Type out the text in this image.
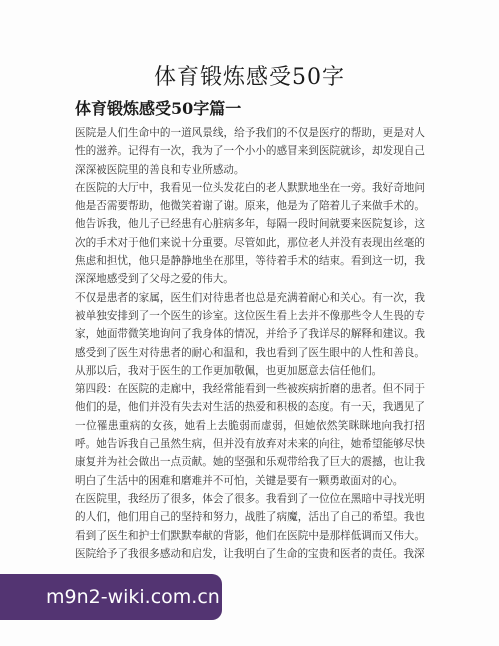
体育锻炼感受50字
体育锻炼感受50字篇一

医院是人们生命中的一道风景线，给予我们的不仅是医疗的帮助，更是对人性的滋养。记得有一次，我为了一个小小的感冒来到医院就诊，却发现自己深深被医院里的善良和专业所感动。

在医院的大厅中，我看见一位头发花白的老人默默地坐在一旁。我好奇地问他是否需要帮助，他微笑着谢了谢。原来，他是为了陪着儿子来做手术的。他告诉我，他儿子已经患有心脏病多年，每隔一段时间就要来医院复诊，这次的手术对于他们来说十分重要。尽管如此，那位老人并没有表现出丝毫的焦虑和担忧，他只是静静地坐在那里，等待着手术的结束。看到这一切，我深深地感受到了父母之爱的伟大。

不仅是患者的家属，医生们对待患者也总是充满着耐心和关心。有一次，我被单独安排到了一个医生的诊室。这位医生看上去并不像那些令人生畏的专家，她面带微笑地询问了我身体的情况，并给予了我详尽的解释和建议。我感受到了医生对待患者的耐心和温和，我也看到了医生眼中的人性和善良。从那以后，我对于医生的工作更加敬佩，也更加愿意去信任他们。

第四段：在医院的走廊中，我经常能看到一些被疾病折磨的患者。但不同于他们的是，他们并没有失去对生活的热爱和积极的态度。有一天，我遇见了一位罹患重病的女孩，她看上去脆弱而虚弱，但她依然笑眯眯地向我打招呼。她告诉我自己虽然生病，但并没有放弃对未来的向往，她希望能够尽快康复并为社会做出一点贡献。她的坚强和乐观带给我了巨大的震撼，也让我明白了生活中的困难和磨难并不可怕，关键是要有一颗勇敢面对的心。

在医院里，我经历了很多，体会了很多。我看到了一位位在黑暗中寻找光明的人们，他们用自己的坚持和努力，战胜了病魔，活出了自己的希望。我也看到了医生和护士们默默奉献的背影，他们在医院中是那样低调而又伟大。医院给予了我很多感动和启发，让我明白了生命的宝贵和医者的责任。我深

m9n2-wiki.com.cn
